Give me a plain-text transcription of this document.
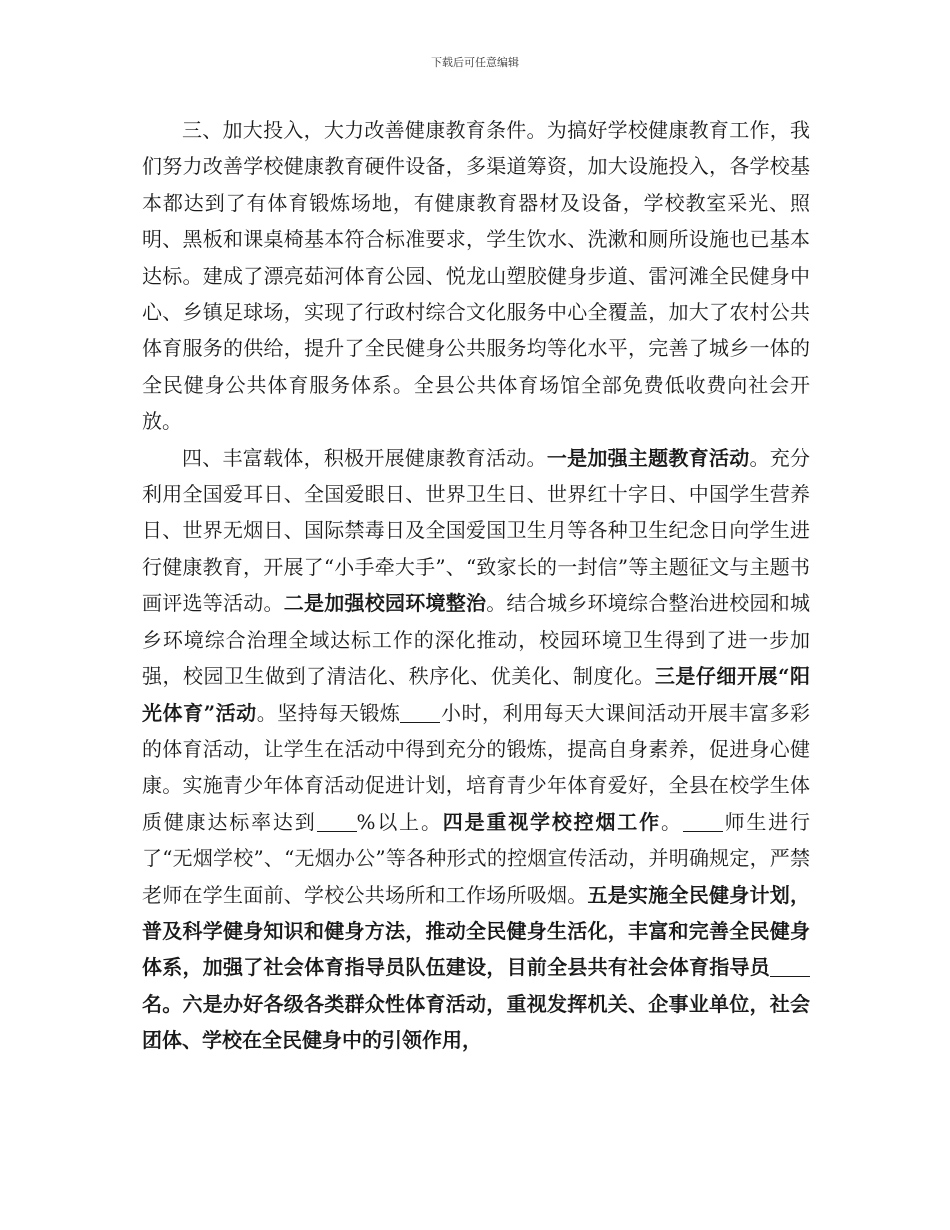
下载后可任意编辑

三、加大投入，大力改善健康教育条件。为搞好学校健康教育工作，我们努力改善学校健康教育硬件设备，多渠道筹资，加大设施投入，各学校基本都达到了有体育锻炼场地，有健康教育器材及设备，学校教室采光、照明、黑板和课桌椅基本符合标准要求，学生饮水、洗漱和厕所设施也已基本达标。建成了漂亮茹河体育公园、悦龙山塑胶健身步道、雷河滩全民健身中心、乡镇足球场，实现了行政村综合文化服务中心全覆盖，加大了农村公共体育服务的供给，提升了全民健身公共服务均等化水平，完善了城乡一体的全民健身公共体育服务体系。全县公共体育场馆全部免费低收费向社会开放。

四、丰富载体，积极开展健康教育活动。一是加强主题教育活动。充分利用全国爱耳日、全国爱眼日、世界卫生日、世界红十字日、中国学生营养日、世界无烟日、国际禁毒日及全国爱国卫生月等各种卫生纪念日向学生进行健康教育，开展了“小手牵大手”、“致家长的一封信”等主题征文与主题书画评选等活动。二是加强校园环境整治。结合城乡环境综合整治进校园和城乡环境综合治理全域达标工作的深化推动，校园环境卫生得到了进一步加强，校园卫生做到了清洁化、秩序化、优美化、制度化。三是仔细开展“阳光体育”活动。坚持每天锻炼 小时，利用每天大课间活动开展丰富多彩的体育活动，让学生在活动中得到充分的锻炼，提高自身素养，促进身心健康。实施青少年体育活动促进计划，培育青少年体育爱好，全县在校学生体质健康达标率达到 %以上。四是重视学校控烟工作。 师生进行了“无烟学校”、“无烟办公”等各种形式的控烟宣传活动，并明确规定，严禁老师在学生面前、学校公共场所和工作场所吸烟。五是实施全民健身计划，普及科学健身知识和健身方法，推动全民健身生活化，丰富和完善全民健身体系，加强了社会体育指导员队伍建设，目前全县共有社会体育指导员名。六是办好各级各类群众性体育活动，重视发挥机关、企事业单位，社会团体、学校在全民健身中的引领作用，
